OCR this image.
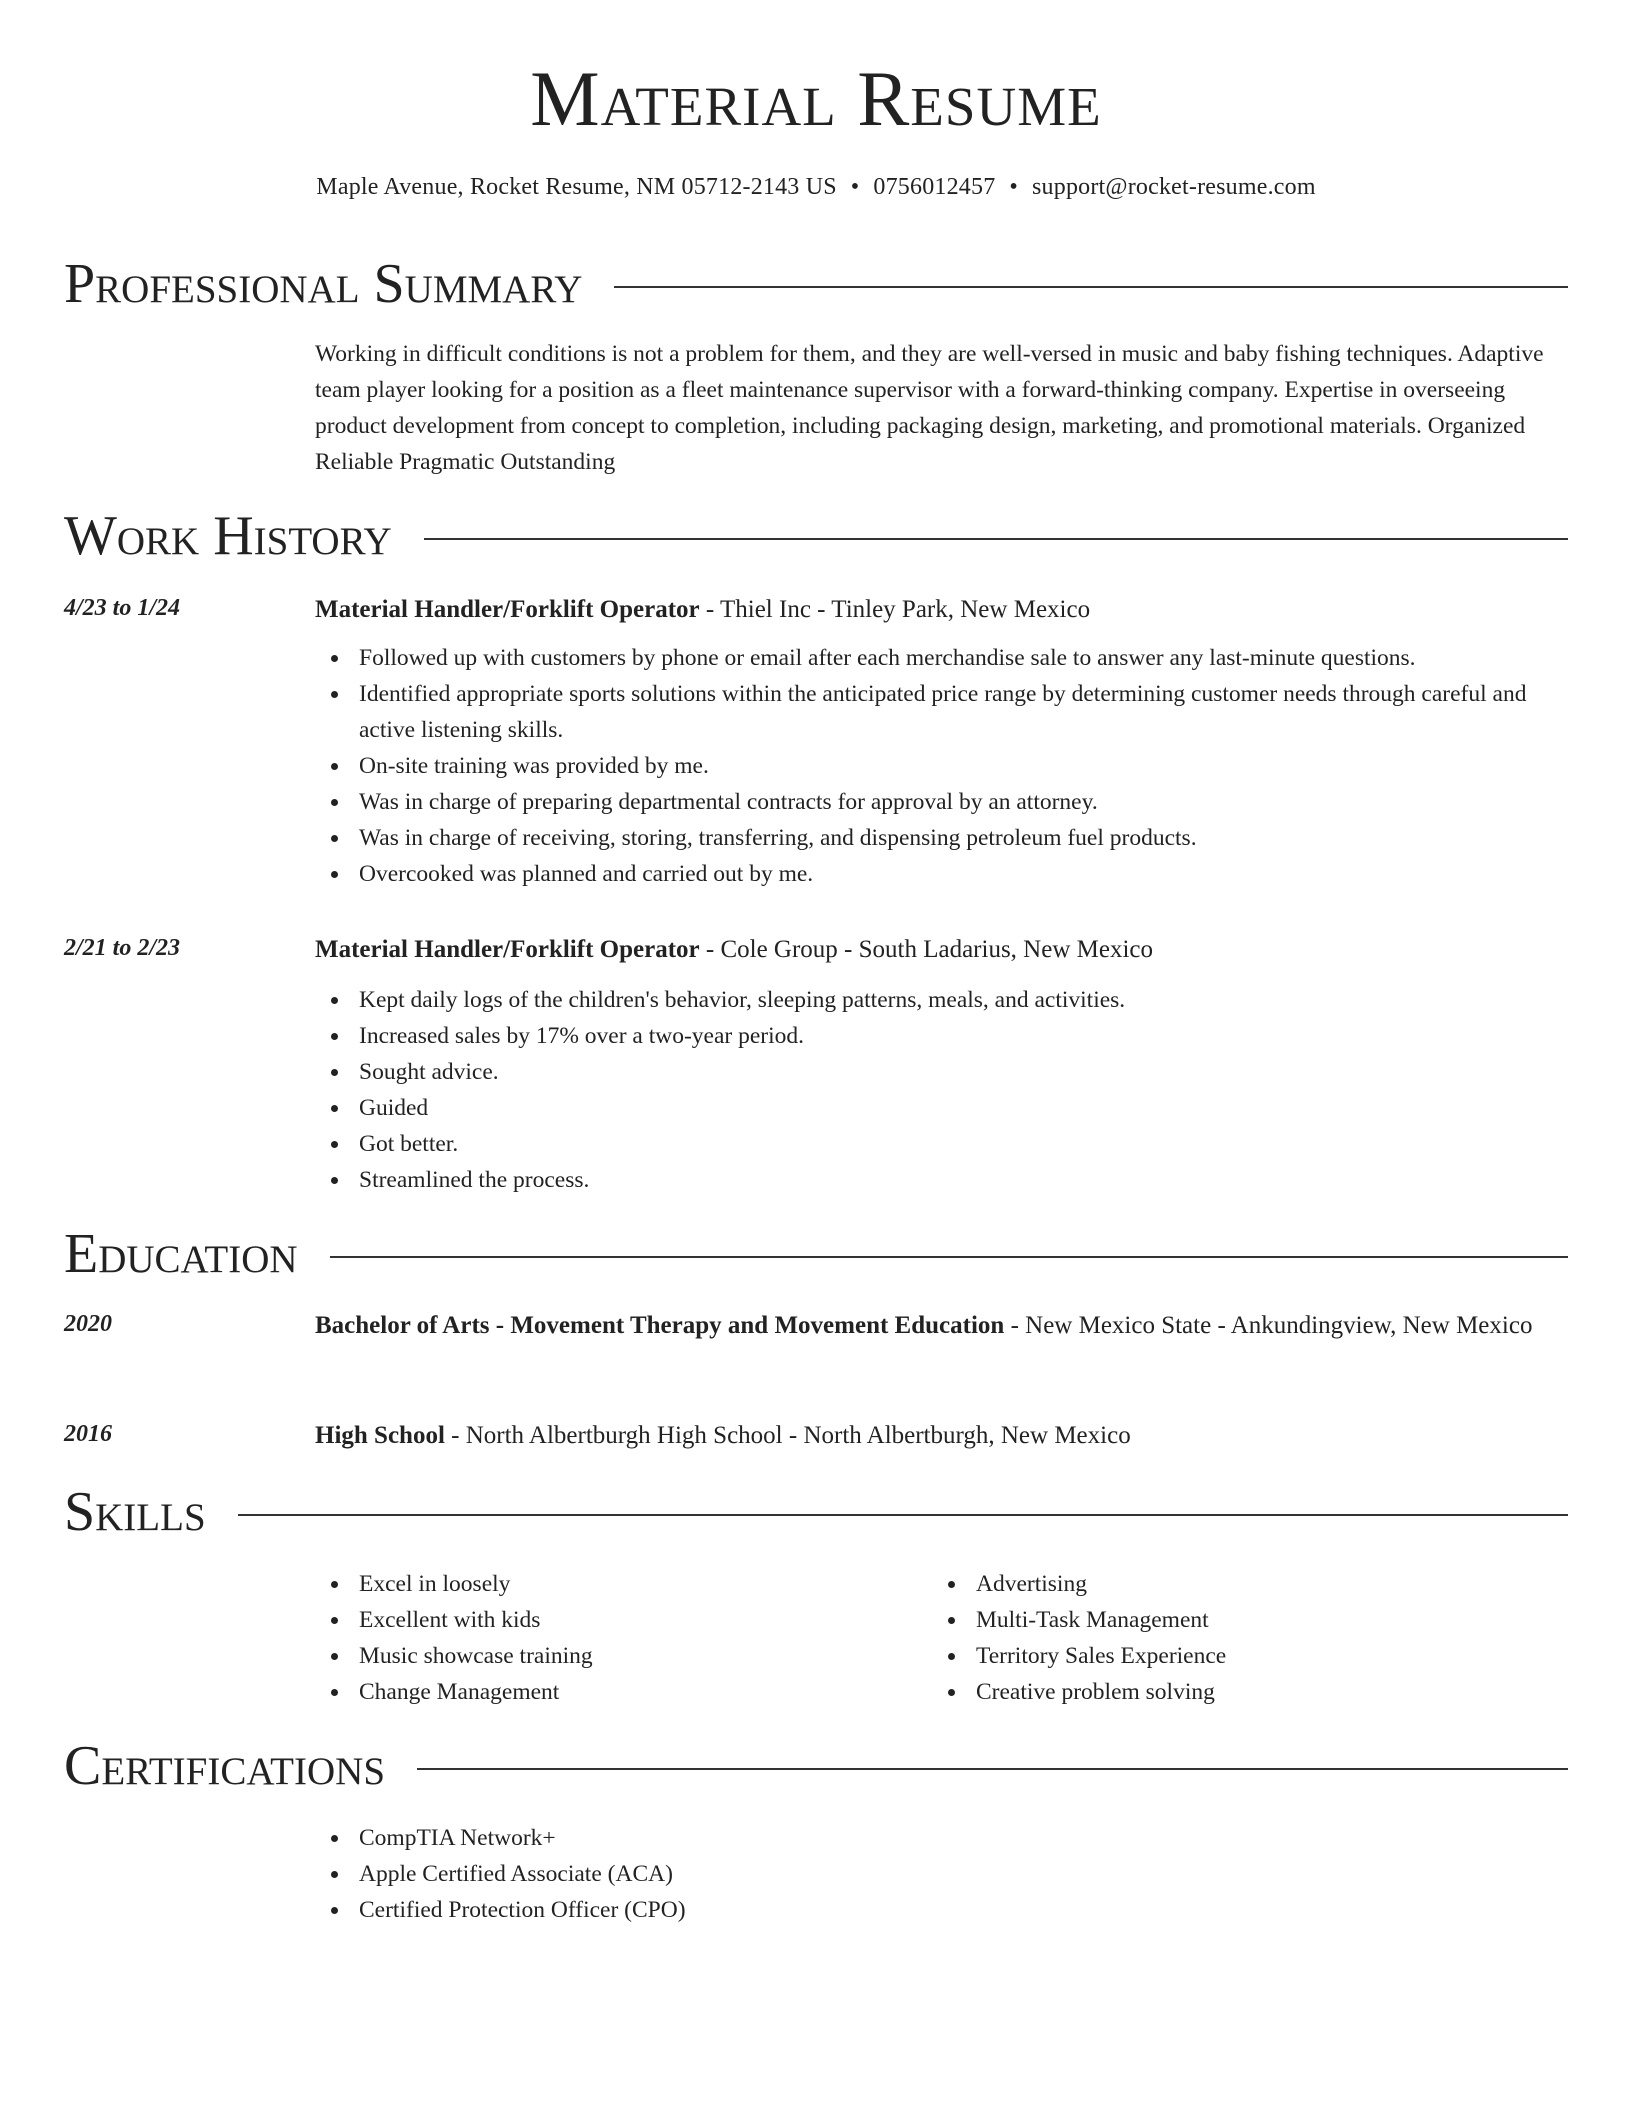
Material Resume
Maple Avenue, Rocket Resume, NM 05712-2143 US • 0756012457 • support@rocket-resume.com
Professional Summary
Working in difficult conditions is not a problem for them, and they are well-versed in music and baby fishing techniques. Adaptive team player looking for a position as a fleet maintenance supervisor with a forward-thinking company. Expertise in overseeing product development from concept to completion, including packaging design, marketing, and promotional materials. Organized Reliable Pragmatic Outstanding
Work History
4/23 to 1/24	Material Handler/Forklift Operator - Thiel Inc - Tinley Park, New Mexico
Followed up with customers by phone or email after each merchandise sale to answer any last-minute questions.
Identified appropriate sports solutions within the anticipated price range by determining customer needs through careful and active listening skills.
On-site training was provided by me.
Was in charge of preparing departmental contracts for approval by an attorney.
Was in charge of receiving, storing, transferring, and dispensing petroleum fuel products.
Overcooked was planned and carried out by me.
2/21 to 2/23	Material Handler/Forklift Operator - Cole Group - South Ladarius, New Mexico
Kept daily logs of the children's behavior, sleeping patterns, meals, and activities.
Increased sales by 17% over a two-year period.
Sought advice.
Guided
Got better.
Streamlined the process.
Education
2020	Bachelor of Arts - Movement Therapy and Movement Education - New Mexico State - Ankundingview, New Mexico
2016	High School - North Albertburgh High School - North Albertburgh, New Mexico
Skills
Excel in loosely
Excellent with kids
Music showcase training
Change Management
Advertising
Multi-Task Management
Territory Sales Experience
Creative problem solving
Certifications
CompTIA Network+
Apple Certified Associate (ACA)
Certified Protection Officer (CPO)
